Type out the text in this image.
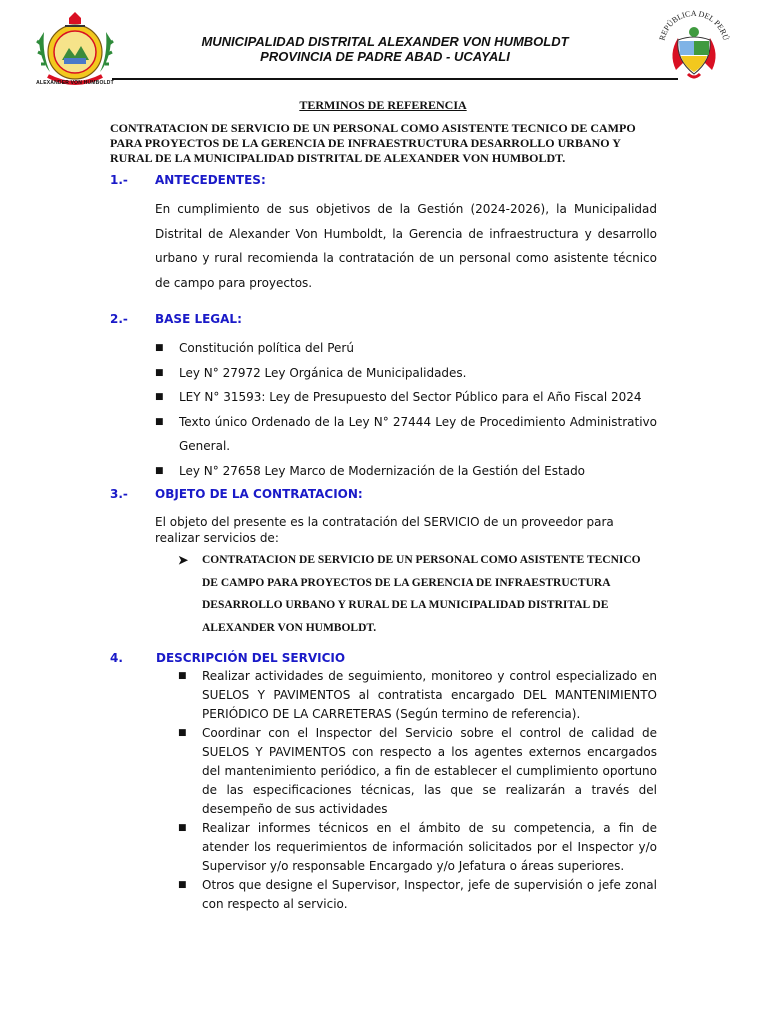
ALEXANDER VON HUMBOLDT
MUNICIPALIDAD DISTRITAL ALEXANDER VON HUMBOLDT
PROVINCIA DE PADRE ABAD - UCAYALI
REPÚBLICA DEL PERÚ
TERMINOS DE REFERENCIA
CONTRATACION DE SERVICIO DE UN PERSONAL COMO ASISTENTE TECNICO DE CAMPO PARA PROYECTOS DE LA GERENCIA DE INFRAESTRUCTURA DESARROLLO URBANO Y RURAL DE LA MUNICIPALIDAD DISTRITAL DE ALEXANDER VON HUMBOLDT.
1.- ANTECEDENTES:
En cumplimiento de sus objetivos de la Gestión (2024-2026), la Municipalidad Distrital de Alexander Von Humboldt, la Gerencia de infraestructura y desarrollo urbano y rural recomienda la contratación de un personal como asistente técnico de campo para proyectos.
2.- BASE LEGAL:
■ Constitución política del Perú
■ Ley N° 27972 Ley Orgánica de Municipalidades.
■ LEY N° 31593: Ley de Presupuesto del Sector Público para el Año Fiscal 2024
■ Texto único Ordenado de la Ley N° 27444 Ley de Procedimiento Administrativo General.
■ Ley N° 27658 Ley Marco de Modernización de la Gestión del Estado
3.- OBJETO DE LA CONTRATACION:
El objeto del presente es la contratación del SERVICIO de un proveedor para realizar servicios de:
➤ CONTRATACION DE SERVICIO DE UN PERSONAL COMO ASISTENTE TECNICO DE CAMPO PARA PROYECTOS DE LA GERENCIA DE INFRAESTRUCTURA DESARROLLO URBANO Y RURAL DE LA MUNICIPALIDAD DISTRITAL DE ALEXANDER VON HUMBOLDT.
4.	DESCRIPCIÓN DEL SERVICIO
■ Realizar actividades de seguimiento, monitoreo y control especializado en SUELOS Y PAVIMENTOS al contratista encargado DEL MANTENIMIENTO PERIÓDICO DE LA CARRETERAS (Según termino de referencia).
■ Coordinar con el Inspector del Servicio sobre el control de calidad de SUELOS Y PAVIMENTOS con respecto a los agentes externos encargados del mantenimiento periódico, a fin de establecer el cumplimiento oportuno de las especificaciones técnicas, las que se realizarán a través del desempeño de sus actividades
■ Realizar informes técnicos en el ámbito de su competencia, a fin de atender los requerimientos de información solicitados por el Inspector y/o Supervisor y/o responsable Encargado y/o Jefatura o áreas superiores.
■ Otros que designe el Supervisor, Inspector, jefe de supervisión o jefe zonal con respecto al servicio.
